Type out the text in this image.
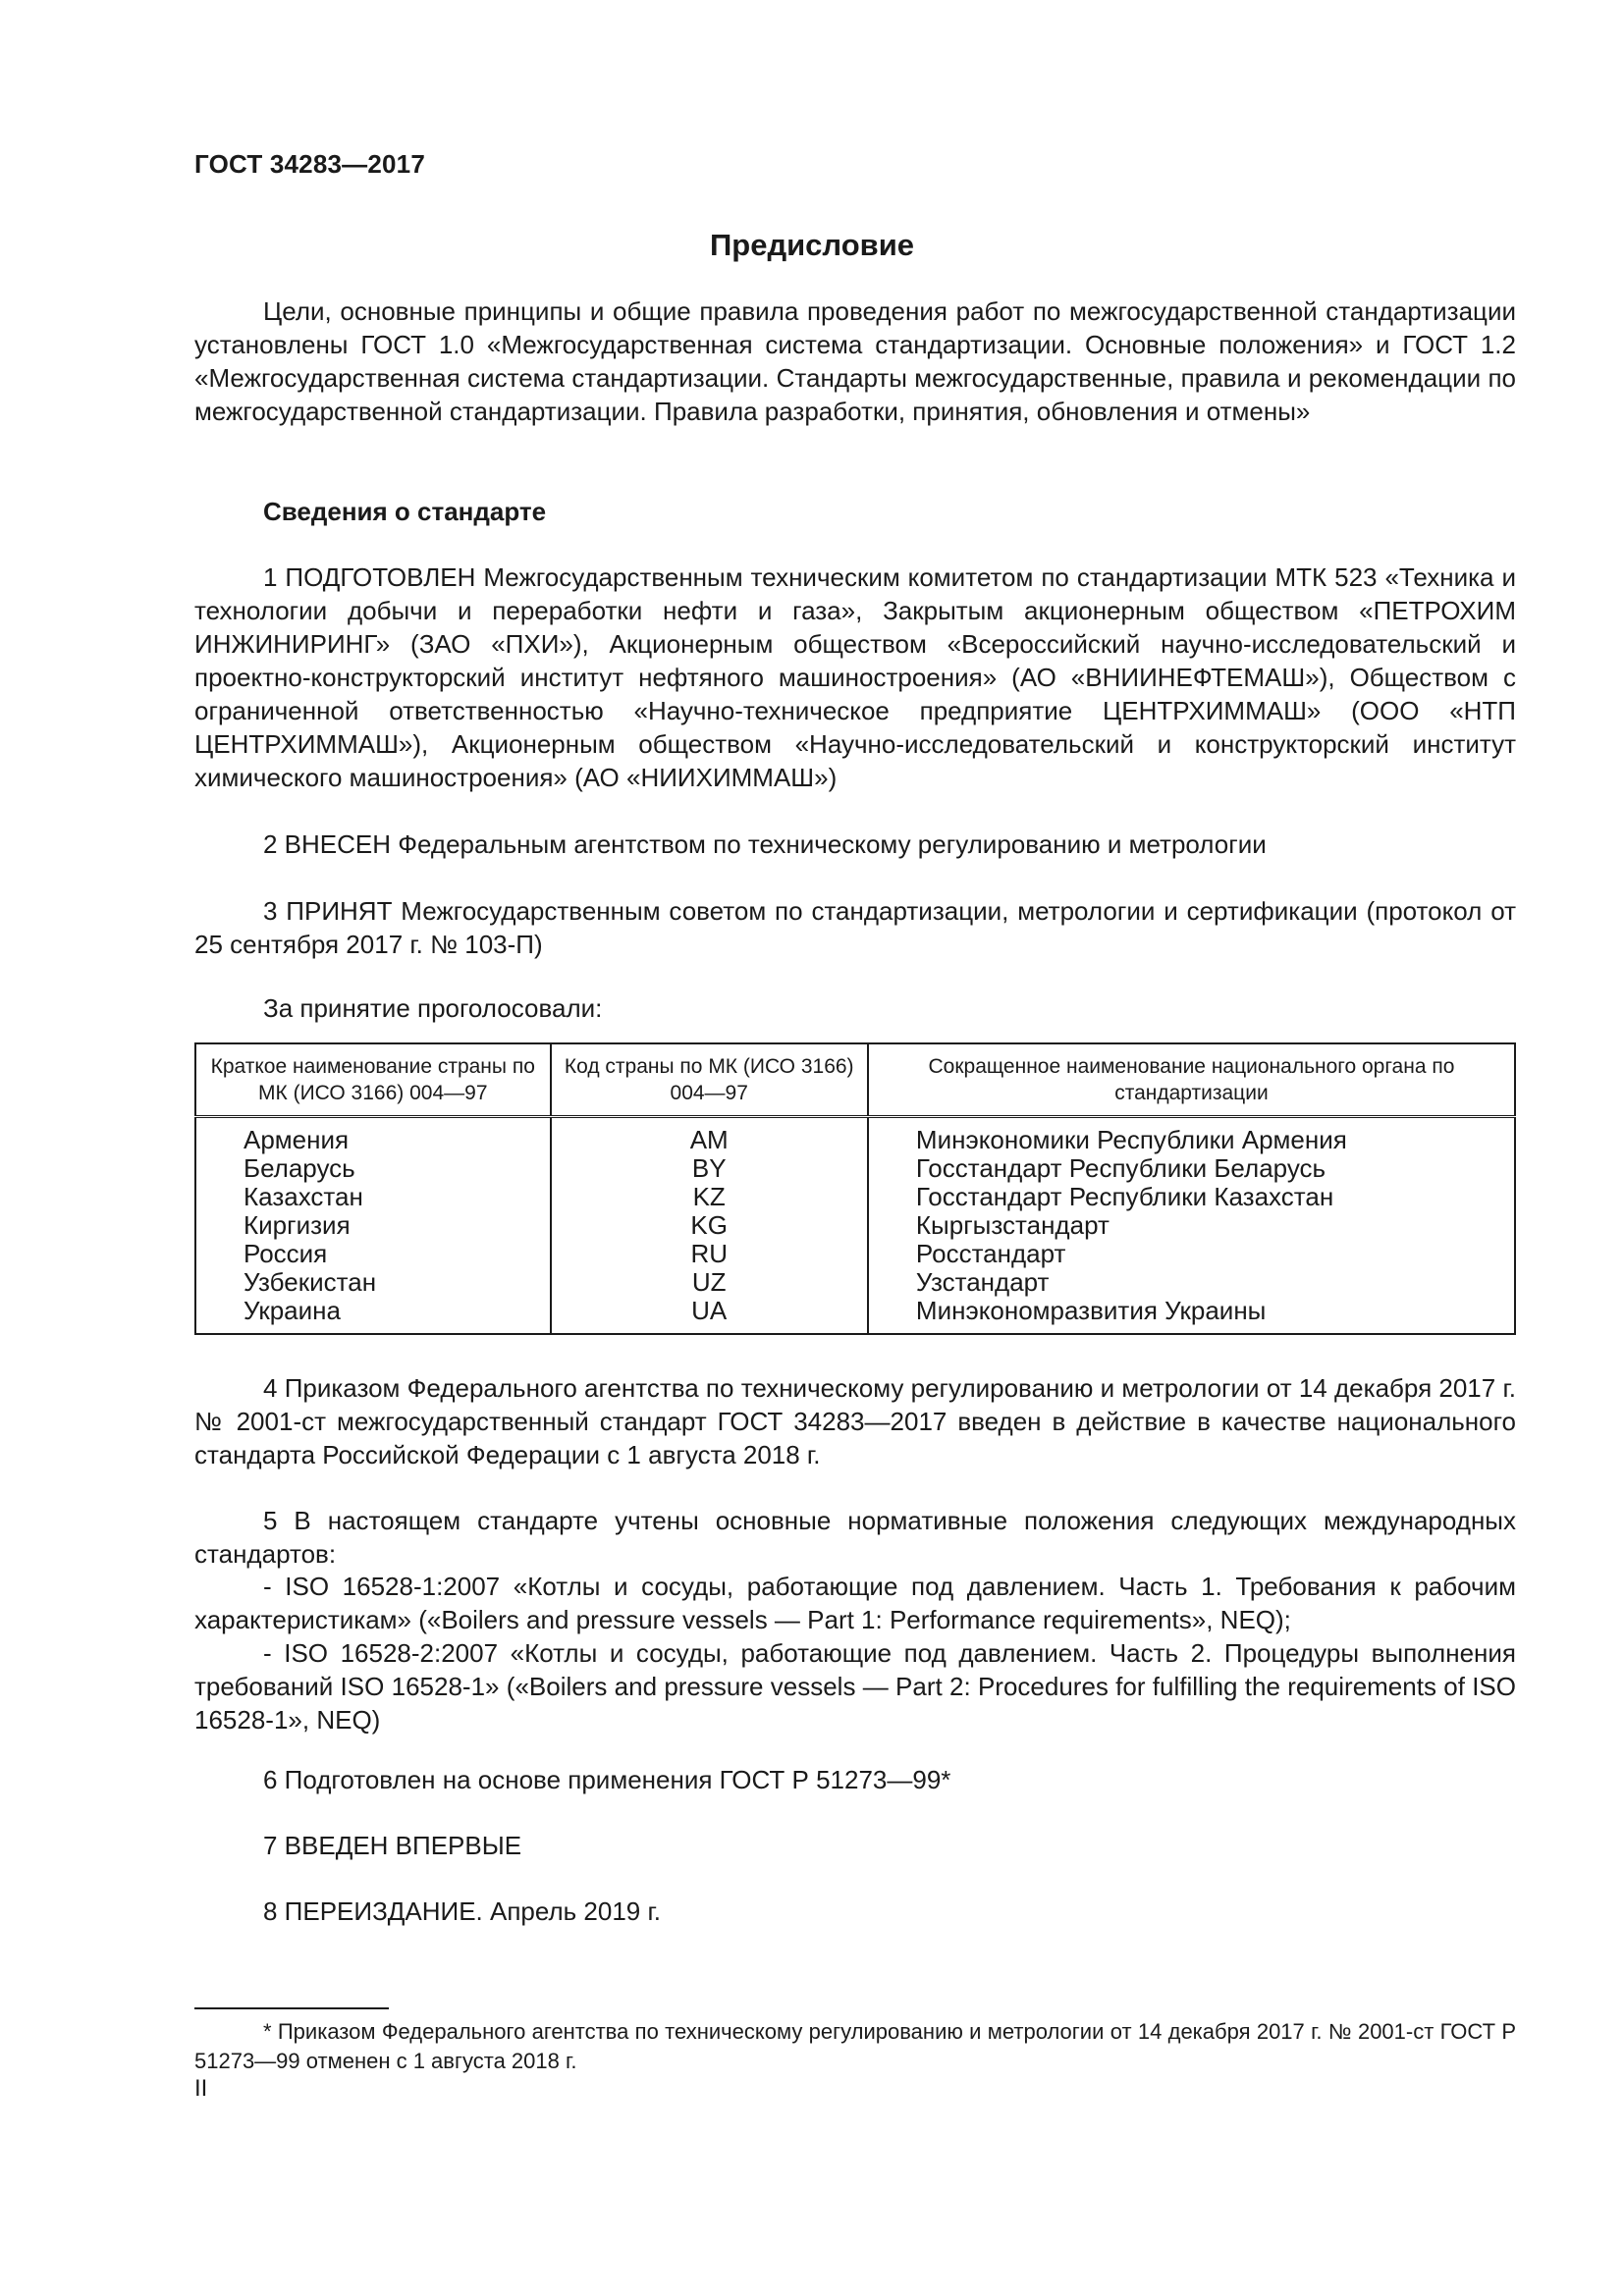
ГОСТ 34283—2017
Предисловие
Цели, основные принципы и общие правила проведения работ по межгосударственной стандартизации установлены ГОСТ 1.0 «Межгосударственная система стандартизации. Основные положения» и ГОСТ 1.2 «Межгосударственная система стандартизации. Стандарты межгосударственные, правила и рекомендации по межгосударственной стандартизации. Правила разработки, принятия, обновления и отмены»
Сведения о стандарте
1 ПОДГОТОВЛЕН Межгосударственным техническим комитетом по стандартизации МТК 523 «Техника и технологии добычи и переработки нефти и газа», Закрытым акционерным обществом «ПЕТРОХИМ ИНЖИНИРИНГ» (ЗАО «ПХИ»), Акционерным обществом «Всероссийский научно-исследовательский и проектно-конструкторский институт нефтяного машиностроения» (АО «ВНИИНЕФТЕМАШ»), Обществом с ограниченной ответственностью «Научно-техническое предприятие ЦЕНТРХИММАШ» (ООО «НТП ЦЕНТРХИММАШ»), Акционерным обществом «Научно-исследовательский и конструкторский институт химического машиностроения» (АО «НИИХИММАШ»)
2 ВНЕСЕН Федеральным агентством по техническому регулированию и метрологии
3 ПРИНЯТ Межгосударственным советом по стандартизации, метрологии и сертификации (протокол от 25 сентября 2017 г. № 103-П)
За принятие проголосовали:
Краткое наименование страны по МК (ИСО 3166) 004—97	Код страны по МК (ИСО 3166) 004—97	Сокращенное наименование национального органа по стандартизации
Армения	AM	Минэкономики Республики Армения
Беларусь	BY	Госстандарт Республики Беларусь
Казахстан	KZ	Госстандарт Республики Казахстан
Киргизия	KG	Кыргызстандарт
Россия	RU	Росстандарт
Узбекистан	UZ	Узстандарт
Украина	UA	Минэкономразвития Украины
4 Приказом Федерального агентства по техническому регулированию и метрологии от 14 декабря 2017 г. № 2001-ст межгосударственный стандарт ГОСТ 34283—2017 введен в действие в качестве национального стандарта Российской Федерации с 1 августа 2018 г.
5 В настоящем стандарте учтены основные нормативные положения следующих международных стандартов:
- ISO 16528-1:2007 «Котлы и сосуды, работающие под давлением. Часть 1. Требования к рабочим характеристикам» («Boilers and pressure vessels — Part 1: Performance requirements», NEQ);
- ISO 16528-2:2007 «Котлы и сосуды, работающие под давлением. Часть 2. Процедуры выполнения требований ISO 16528-1» («Boilers and pressure vessels — Part 2: Procedures for fulfilling the requirements of ISO 16528-1», NEQ)
6 Подготовлен на основе применения ГОСТ Р 51273—99*
7 ВВЕДЕН ВПЕРВЫЕ
8 ПЕРЕИЗДАНИЕ. Апрель 2019 г.
* Приказом Федерального агентства по техническому регулированию и метрологии от 14 декабря 2017 г. № 2001-ст ГОСТ Р 51273—99 отменен с 1 августа 2018 г.
II
